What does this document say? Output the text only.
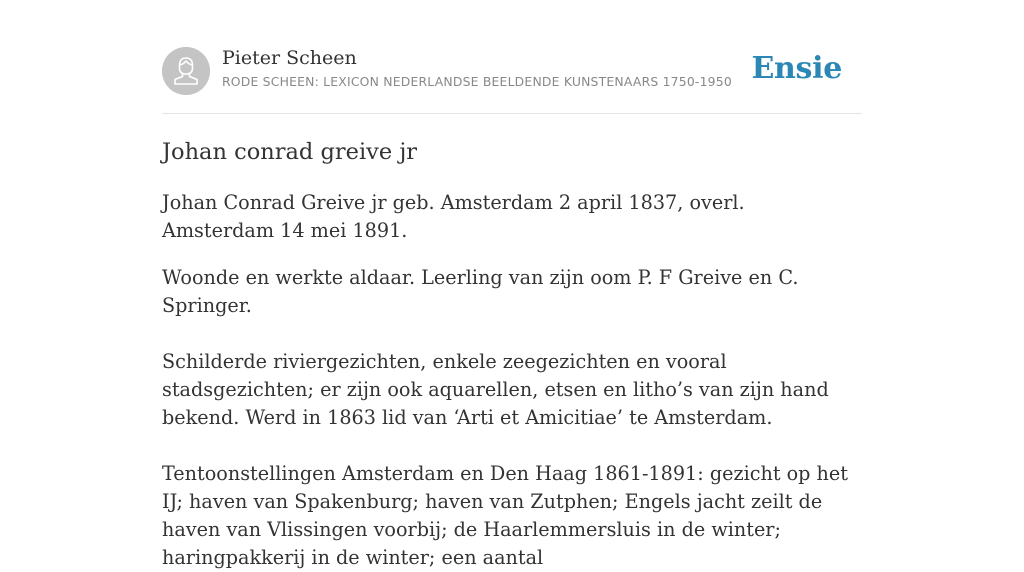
Pieter Scheen
RODE SCHEEN: LEXICON NEDERLANDSE BEELDENDE KUNSTENAARS 1750-1950 Ensie
Johan conrad greive jr

Johan Conrad Greive jr geb. Amsterdam 2 april 1837, overl. Amsterdam 14 mei 1891.

Woonde en werkte aldaar. Leerling van zijn oom P. F Greive en C. Springer.

Schilderde riviergezichten, enkele zeegezichten en vooral stadsgezichten; er zijn ook aquarellen, etsen en litho’s van zijn hand bekend. Werd in 1863 lid van ‘Arti et Amicitiae’ te Amsterdam.

Tentoonstellingen Amsterdam en Den Haag 1861-1891: gezicht op het IJ; haven van Spakenburg; haven van Zutphen; Engels jacht zeilt de haven van Vlissingen voorbij; de Haarlemmersluis in de winter; haringpakkerij in de winter; een aantal
